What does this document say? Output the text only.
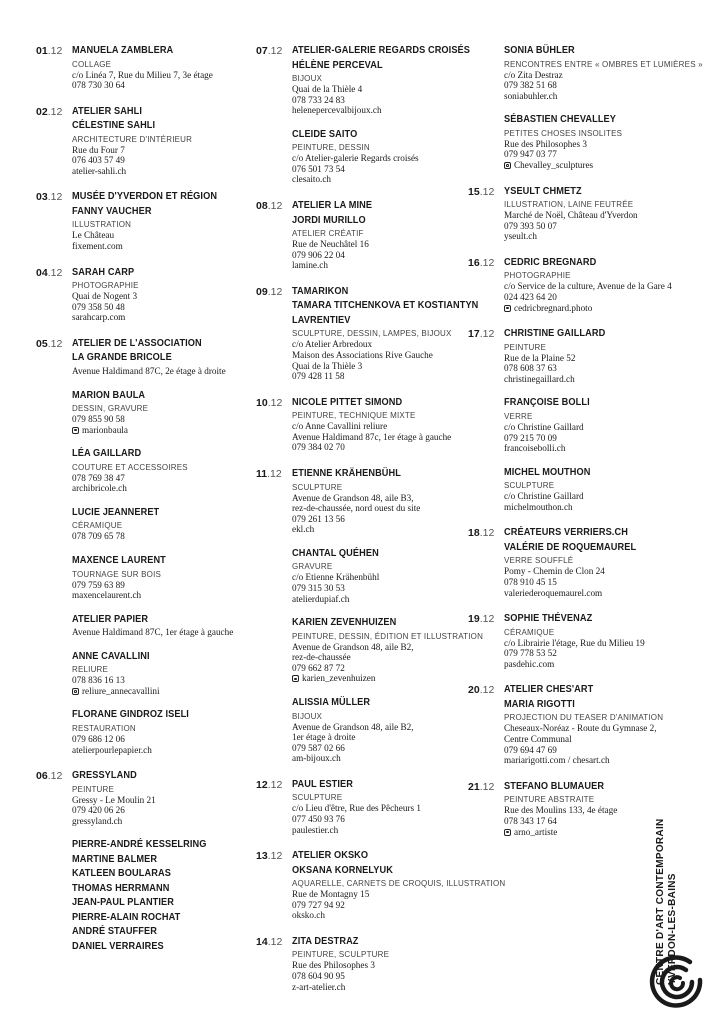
01.12 MANUELA ZAMBLERA
COLLAGE
c/o Linéa 7, Rue du Milieu 7, 3e étage
078 730 30 64
02.12 ATELIER SAHLI
CÉLESTINE SAHLI
ARCHITECTURE D'INTÉRIEUR
Rue du Four 7
076 403 57 49
atelier-sahli.ch
03.12 MUSÉE D'YVERDON ET RÉGION
FANNY VAUCHER
ILLUSTRATION
Le Château
fixement.com
04.12 SARAH CARP
PHOTOGRAPHIE
Quai de Nogent 3
079 358 50 48
sarahcarp.com
05.12 ATELIER DE L'ASSOCIATION
LA GRANDE BRICOLE
Avenue Haldimand 87C, 2e étage à droite
MARION BAULA
DESSIN, GRAVURE
079 855 90 58
marionbaula
LÉA GAILLARD
COUTURE ET ACCESSOIRES
078 769 38 47
archibricole.ch
LUCIE JEANNERET
CÉRAMIQUE
078 709 65 78
MAXENCE LAURENT
TOURNAGE SUR BOIS
079 759 63 89
maxencelaurent.ch
ATELIER PAPIER
Avenue Haldimand 87C, 1er étage à gauche
ANNE CAVALLINI
RELIURE
078 836 16 13
reliure_annecavallini
FLORANE GINDROZ ISELI
RESTAURATION
079 686 12 06
atelierpourlepapier.ch
06.12 GRESSYLAND
PEINTURE
Gressy - Le Moulin 21
079 420 06 26
gressyland.ch
PIERRE-ANDRÉ KESSELRING
MARTINE BALMER
KATLEEN BOULARAS
THOMAS HERRMANN
JEAN-PAUL PLANTIER
PIERRE-ALAIN ROCHAT
ANDRÉ STAUFFER
DANIEL VERRAIRES
07.12 ATELIER-GALERIE REGARDS CROISÉS
HÉLÈNE PERCEVAL
BIJOUX
Quai de la Thièle 4
078 733 24 83
helenepercevalbijoux.ch
CLEIDE SAITO
PEINTURE, DESSIN
c/o Atelier-galerie Regards croisés
076 501 73 54
clesaito.ch
08.12 ATELIER LA MINE
JORDI MURILLO
ATELIER CRÉATIF
Rue de Neuchâtel 16
079 906 22 04
lamine.ch
09.12 TAMARIKON
TAMARA TITCHENKOVA ET KOSTIANTYN
LAVRENTIEV
SCULPTURE, DESSIN, LAMPES, BIJOUX
c/o Atelier Arbredoux
Maison des Associations Rive Gauche
Quai de la Thièle 3
079 428 11 58
10.12 NICOLE PITTET SIMOND
PEINTURE, TECHNIQUE MIXTE
c/o Anne Cavallini reliure
Avenue Haldimand 87c, 1er étage à gauche
079 384 02 70
11.12 ETIENNE KRÄHENBÜHL
SCULPTURE
Avenue de Grandson 48, aile B3,
rez-de-chaussée, nord ouest du site
079 261 13 56
ekl.ch
CHANTAL QUÉHEN
GRAVURE
c/o Etienne Krähenbühl
079 315 30 53
atelierdupiaf.ch
KARIEN ZEVENHUIZEN
PEINTURE, DESSIN, ÉDITION ET ILLUSTRATION
Avenue de Grandson 48, aile B2,
rez-de-chaussée
079 662 87 72
karien_zevenhuizen
ALISSIA MÜLLER
BIJOUX
Avenue de Grandson 48, aile B2,
1er étage à droite
079 587 02 66
am-bijoux.ch
12.12 PAUL ESTIER
SCULPTURE
c/o Lieu d'être, Rue des Pêcheurs 1
077 450 93 76
paulestier.ch
13.12 ATELIER OKSKO
OKSANA KORNELYUK
AQUARELLE, CARNETS DE CROQUIS, ILLUSTRATION
Rue de Montagny 15
079 727 94 92
oksko.ch
14.12 ZITA DESTRAZ
PEINTURE, SCULPTURE
Rue des Philosophes 3
078 604 90 95
z-art-atelier.ch
SONIA BÜHLER
RENCONTRES ENTRE « OMBRES ET LUMIÈRES »
c/o Zita Destraz
079 382 51 68
soniabuhler.ch
SÉBASTIEN CHEVALLEY
PETITES CHOSES INSOLITES
Rue des Philosophes 3
079 947 03 77
Chevalley_sculptures
15.12 YSEULT CHMETZ
ILLUSTRATION, LAINE FEUTRÉE
Marché de Noël, Château d'Yverdon
079 393 50 07
yseult.ch
16.12 CEDRIC BREGNARD
PHOTOGRAPHIE
c/o Service de la culture, Avenue de la Gare 4
024 423 64 20
cedricbregnard.photo
17.12 CHRISTINE GAILLARD
PEINTURE
Rue de la Plaine 52
078 608 37 63
christinegaillard.ch
FRANÇOISE BOLLI
VERRE
c/o Christine Gaillard
079 215 70 09
francoisebolli.ch
MICHEL MOUTHON
SCULPTURE
c/o Christine Gaillard
michelmouthon.ch
18.12 CRÉATEURS VERRIERS.CH
VALÉRIE DE ROQUEMAUREL
VERRE SOUFFLÉ
Pomy - Chemin de Clon 24
078 910 45 15
valeriederoquemaurel.com
19.12 SOPHIE THÉVENAZ
CÉRAMIQUE
c/o Librairie l'étage, Rue du Milieu 19
079 778 53 52
pasdehic.com
20.12 ATELIER CHES'ART
MARIA RIGOTTI
PROJECTION DU TEASER D'ANIMATION
Cheseaux-Noréaz - Route du Gymnase 2,
Centre Communal
079 694 47 69
mariarigotti.com / chesart.ch
21.12 STEFANO BLUMAUER
PEINTURE ABSTRAITE
Rue des Moulins 133, 4e étage
078 343 17 64
arno_artiste	CENTRE D'ART CONTEMPORAIN YVERDON-LES-BAINS
